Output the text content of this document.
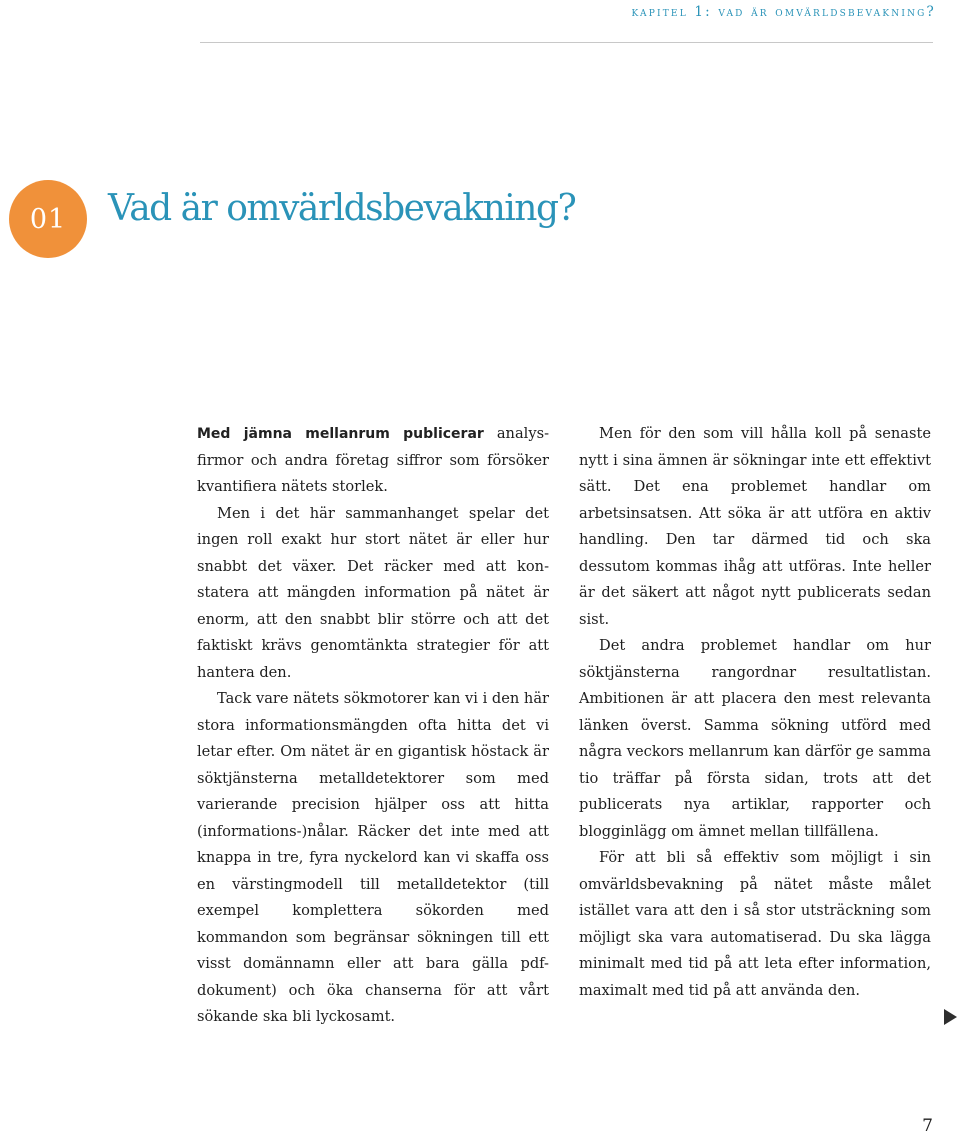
kapitel 1: vad är omvärldsbevakning?
01	Vad är omvärldsbevakning?

Med jämna mellanrum publicerar analysfirmor och andra företag siffror som försöker kvantifiera nätets storlek.

Men i det här sammanhanget spelar det ingen roll exakt hur stort nätet är eller hur snabbt det växer. Det räcker med att konstatera att mängden information på nätet är enorm, att den snabbt blir större och att det faktiskt krävs genomtänkta strategier för att hantera den.

Tack vare nätets sökmotorer kan vi i den här stora informationsmängden ofta hitta det vi letar efter. Om nätet är en gigantisk höstack är söktjänsterna metalldetektorer som med varierande precision hjälper oss att hitta (informations-)nålar. Räcker det inte med att knappa in tre, fyra nyckelord kan vi skaffa oss en värstingmodell till metalldetektor (till exempel komplettera sökorden med kommandon som begränsar sökningen till ett visst domännamn eller att bara gälla pdf-dokument) och öka chanserna för att vårt sökande ska bli lyckosamt.

Men för den som vill hålla koll på senaste nytt i sina ämnen är sökningar inte ett effektivt sätt. Det ena problemet handlar om arbetsinsatsen. Att söka är att utföra en aktiv handling. Den tar därmed tid och ska dessutom kommas ihåg att utföras. Inte heller är det säkert att något nytt publicerats sedan sist.

Det andra problemet handlar om hur söktjänsterna rangordnar resultatlistan. Ambitionen är att placera den mest relevanta länken överst. Samma sökning utförd med några veckors mellanrum kan därför ge samma tio träffar på första sidan, trots att det publicerats nya artiklar, rapporter och blogginlägg om ämnet mellan tillfällena.

För att bli så effektiv som möjligt i sin omvärldsbevakning på nätet måste målet istället vara att den i så stor utsträckning som möjligt ska vara automatiserad. Du ska lägga minimalt med tid på att leta efter information, maximalt med tid på att använda den.

7
